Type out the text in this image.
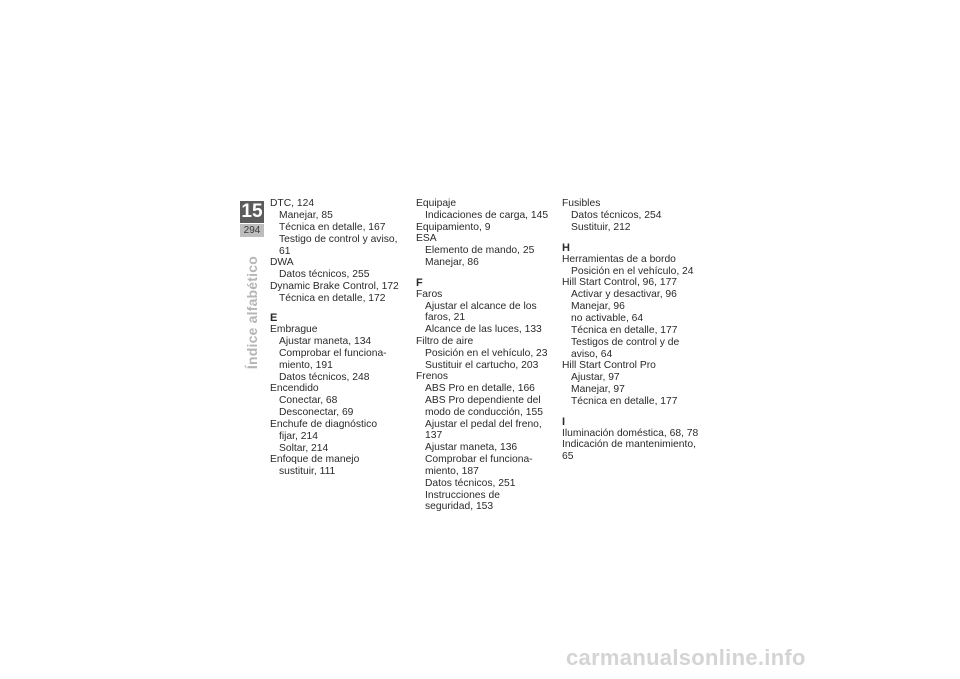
15
294
Índice alfabético
DTC, 124
Manejar, 85
Técnica en detalle, 167
Testigo de control y aviso, 61
DWA
Datos técnicos, 255
Dynamic Brake Control, 172
Técnica en detalle, 172
E
Embrague
Ajustar maneta, 134
Comprobar el funciona-
miento, 191
Datos técnicos, 248
Encendido
Conectar, 68
Desconectar, 69
Enchufe de diagnóstico
fijar, 214
Soltar, 214
Enfoque de manejo
sustituir, 111
Equipaje
Indicaciones de carga, 145
Equipamiento, 9
ESA
Elemento de mando, 25
Manejar, 86
F
Faros
Ajustar el alcance de los
faros, 21
Alcance de las luces, 133
Filtro de aire
Posición en el vehículo, 23
Sustituir el cartucho, 203
Frenos
ABS Pro en detalle, 166
ABS Pro dependiente del
modo de conducción, 155
Ajustar el pedal del freno, 137
Ajustar maneta, 136
Comprobar el funciona-
miento, 187
Datos técnicos, 251
Instrucciones de
seguridad, 153
Fusibles
Datos técnicos, 254
Sustituir, 212
H
Herramientas de a bordo
Posición en el vehículo, 24
Hill Start Control, 96, 177
Activar y desactivar, 96
Manejar, 96
no activable, 64
Técnica en detalle, 177
Testigos de control y de
aviso, 64
Hill Start Control Pro
Ajustar, 97
Manejar, 97
Técnica en detalle, 177
I
Iluminación doméstica, 68, 78
Indicación de mantenimiento, 65
carmanualsonline.info
